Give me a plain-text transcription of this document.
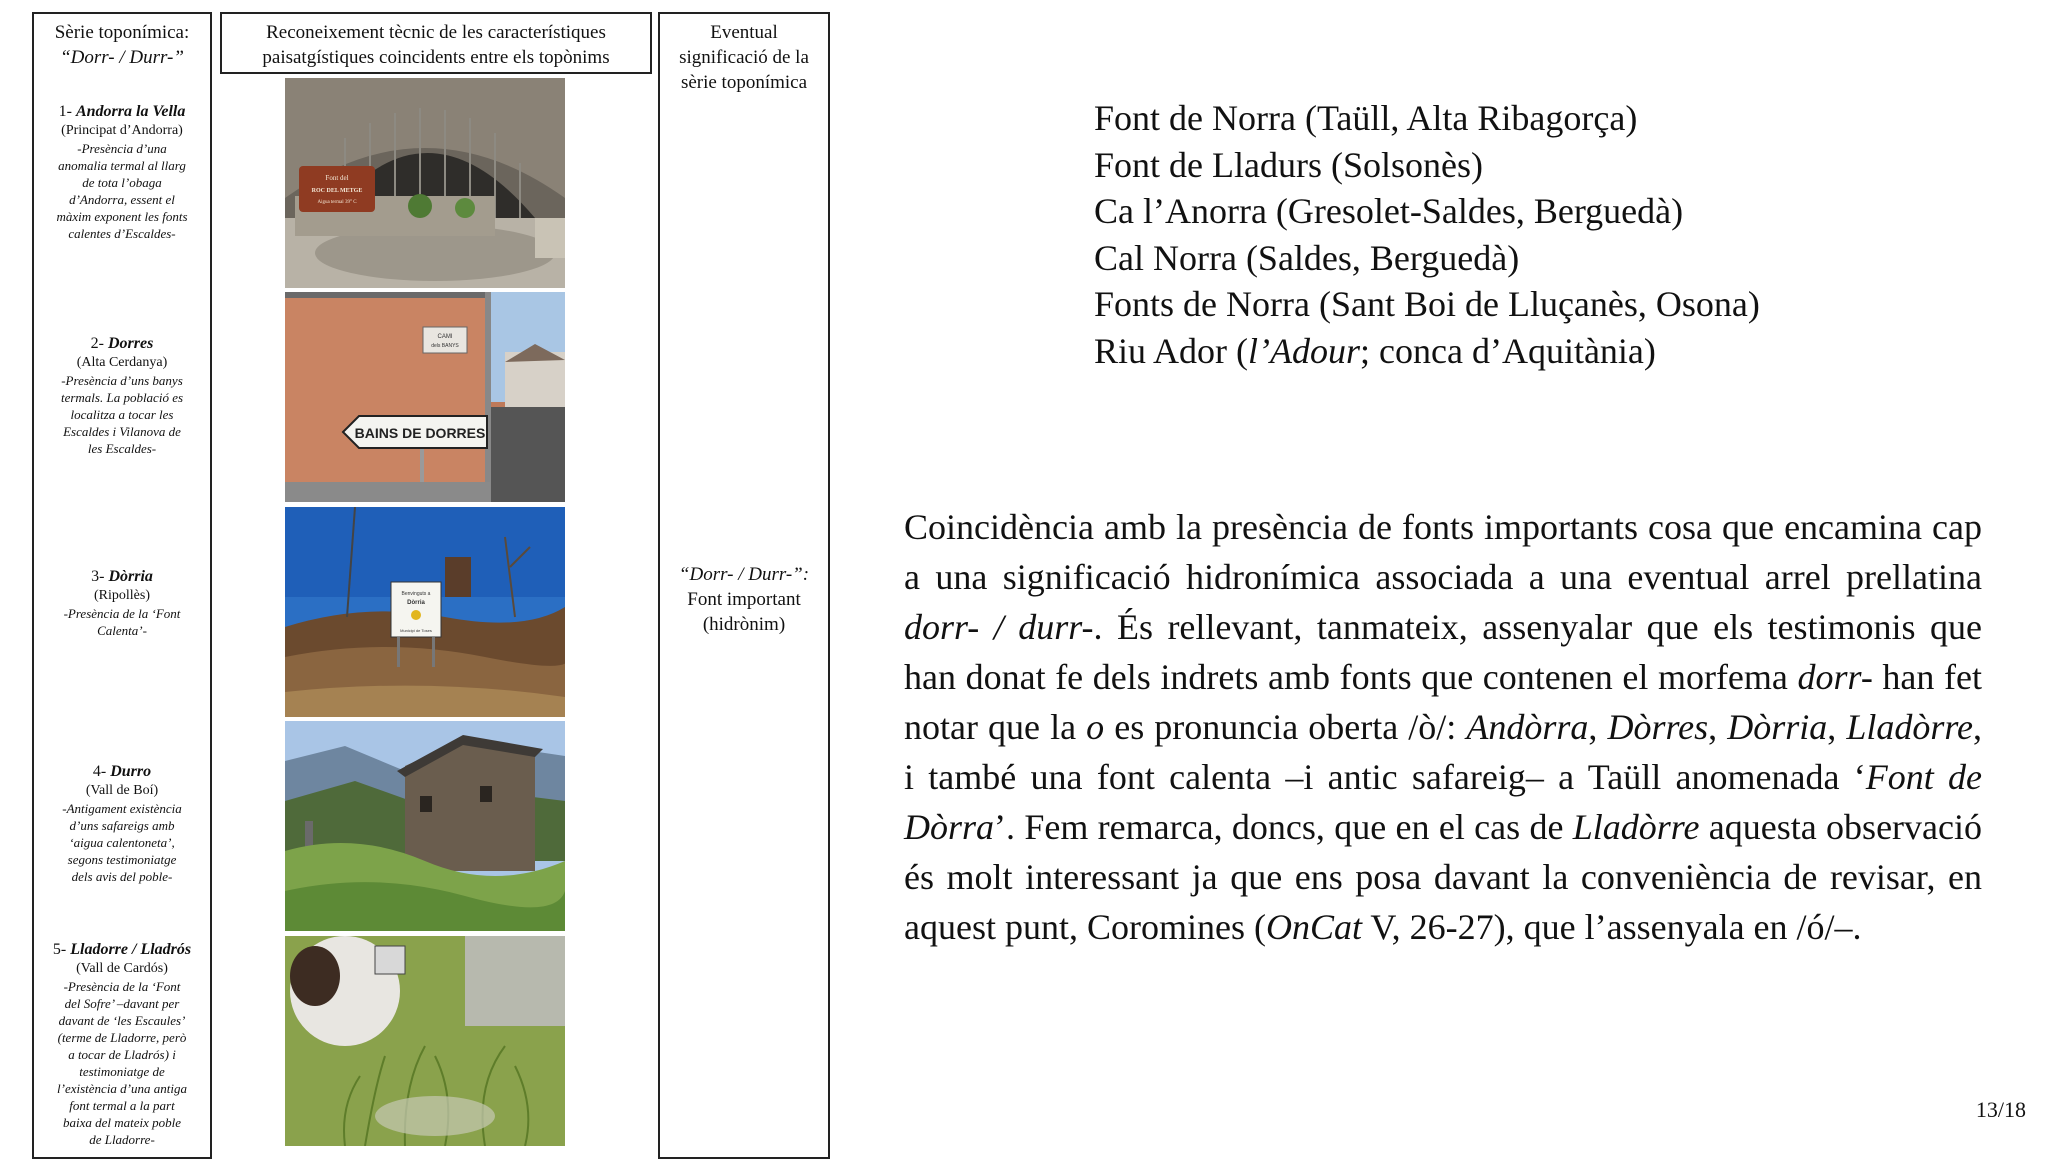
Sèrie toponímica:
“Dorr- / Durr-”
1- Andorra la Vella
(Principat d’Andorra)
-Presència d’una
anomalia termal al llarg
de tota l’obaga
d’Andorra, essent el
màxim exponent les fonts
calentes d’Escaldes-
2- Dorres
(Alta Cerdanya)
-Presència d’uns banys
termals. La població es
localitza a tocar les
Escaldes i Vilanova de
les Escaldes-
3- Dòrria
(Ripollès)
-Presència de la ‘Font
Calenta’-
4- Durro
(Vall de Boí)
-Antigament existència
d’uns safareigs amb
‘aigua calentoneta’,
segons testimoniatge
dels avis del poble-
5- Lladorre / Lladrós
(Vall de Cardós)
-Presència de la ‘Font
del Sofre’ –davant per
davant de ‘les Escaules’
(terme de Lladorre, però
a tocar de Lladrós) i
testimoniatge de
l’existència d’una antiga
font termal a la part
baixa del mateix poble
de Lladorre-
Reconeixement tècnic de les característiques
paisatgístiques coincidents entre els topònims
Font del
ROC DEL METGE
Aigua termal 39° C
CAMI
dels BANYS
BAINS DE DORRES
Benvinguts a
Dòrria
Municipi de Toses
Eventual
significació de la
sèrie toponímica
“Dorr- / Durr-”:
Font important
(hidrònim)
Font de Norra (Taüll, Alta Ribagorça)
Font de Lladurs (Solsonès)
Ca l’Anorra (Gresolet-Saldes, Berguedà)
Cal Norra (Saldes, Berguedà)
Fonts de Norra (Sant Boi de Lluçanès, Osona)
Riu Ador (l’Adour; conca d’Aquitània)
Coincidència amb la presència de fonts importants cosa que encamina cap a una significació hidronímica associada a una eventual arrel prellatina dorr- / durr-. És rellevant, tanmateix, assenyalar que els testimonis que han donat fe dels indrets amb fonts que contenen el morfema dorr- han fet notar que la o es pronuncia oberta /ò/: Andòrra, Dòrres, Dòrria, Lladòrre, i també una font calenta –i antic safareig– a Taüll anomenada ‘Font de Dòrra’. Fem remarca, doncs, que en el cas de Lladòrre aquesta observació és molt interessant ja que ens posa davant la conveniència de revisar, en aquest punt, Coromines (OnCat V, 26-27), que l’assenyala en /ó/–.
13/18
